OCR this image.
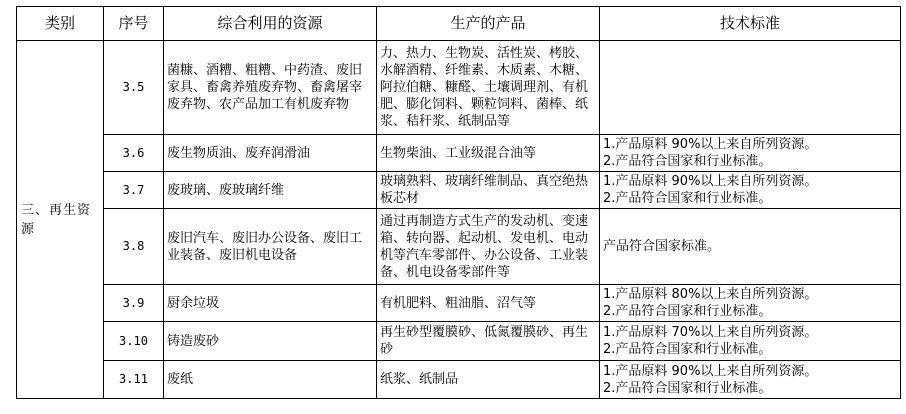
类别	序号	综合利用的资源	生产的产品	技术标准
三、再生资源	3.5	菌糠、酒糟、粗糟、中药渣、废旧家具、畜禽养殖废弃物、畜禽屠宰废弃物、农产品加工有机废弃物	力、热力、生物炭、活性炭、栲胶、水解酒精、纤维素、木质素、木糖、阿拉伯糖、糠醛、土壤调理剂、有机肥、膨化饲料、颗粒饲料、菌棒、纸浆、秸秆浆、纸制品等	

	3.6	废生物质油、废弃润滑油	生物柴油、工业级混合油等	1.产品原料 90%以上来自所列资源。
2.产品符合国家和行业标准。

	3.7	废玻璃、废玻璃纤维	玻璃熟料、玻璃纤维制品、真空绝热板芯材	1.产品原料 90%以上来自所列资源。
2.产品符合国家和行业标准。

	3.8	废旧汽车、废旧办公设备、废旧工业装备、废旧机电设备	通过再制造方式生产的发动机、变速箱、转向器、起动机、发电机、电动机等汽车零部件、办公设备、工业装备、机电设备零部件等	产品符合国家标准。

	3.9	厨余垃圾	有机肥料、粗油脂、沼气等	1.产品原料 80%以上来自所列资源。
2.产品符合国家和行业标准。

	3.10	铸造废砂	再生砂型覆膜砂、低氮覆膜砂、再生砂	1.产品原料 70%以上来自所列资源。
2.产品符合国家和行业标准。

	3.11	废纸	纸浆、纸制品	1.产品原料 90%以上来自所列资源。
2.产品符合国家和行业标准。
